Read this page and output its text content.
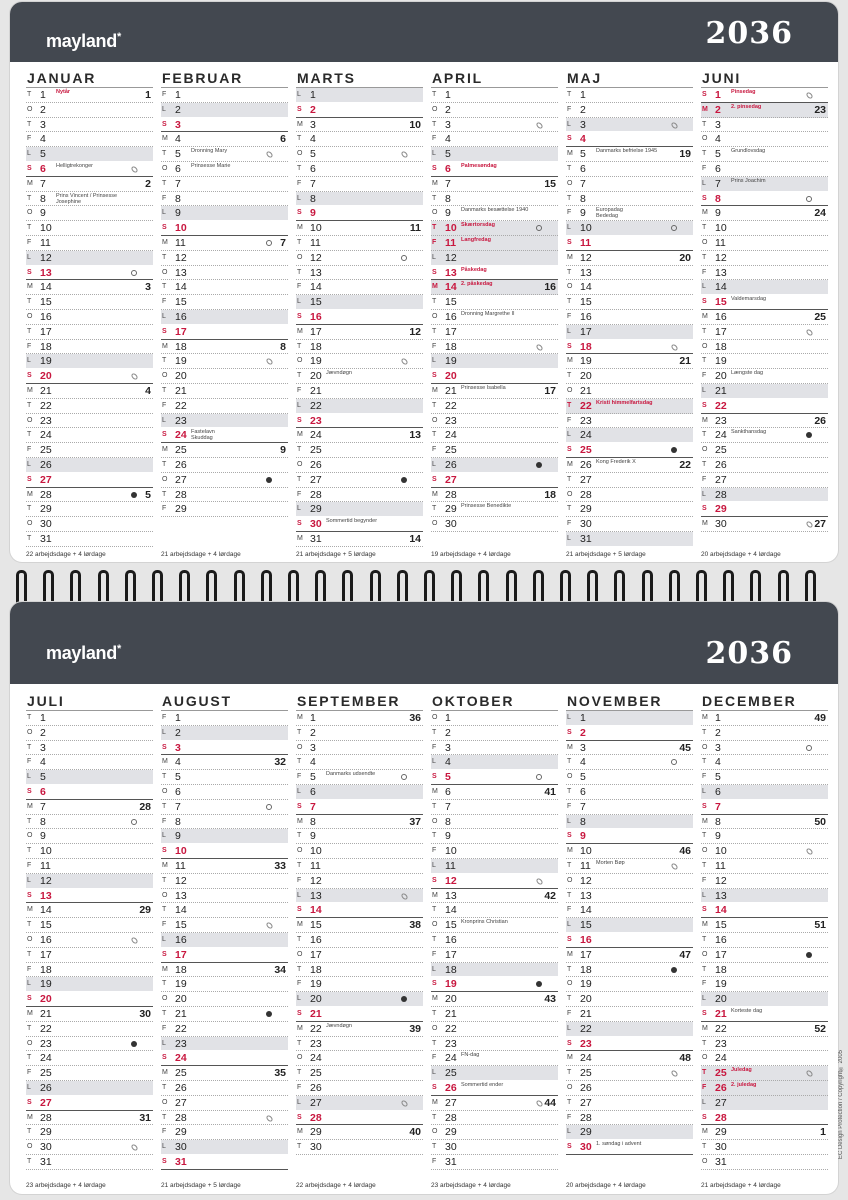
mayland*	2036
JANUAR
T 1 Nytår	1
O 2
T 3
F 4
L 5
S 6 Helligtrekonger
M 7	2
T 8 Prins Vincent / Prinsesse Josephine
O 9
T 10
F 11
L 12
S 13
M 14	3
T 15
O 16
T 17
F 18
L 19
S 20
M 21	4
T 22
O 23
T 24
F 25
L 26
S 27
M 28	5
T 29
O 30
T 31
22 arbejdsdage + 4 lørdage
FEBRUAR
F 1
L 2
S 3
M 4	6
T 5 Dronning Mary
O 6 Prinsesse Marie
T 7
F 8
L 9
S 10
M 11	7
T 12
O 13
T 14
F 15
L 16
S 17
M 18	8
T 19
O 20
T 21
F 22
L 23
S 24 Fastelavn
Skuddag
M 25	9
T 26
O 27
T 28
F 29
21 arbejdsdage + 4 lørdage
MARTS
L 1
S 2
M 3	10
T 4
O 5
T 6
F 7
L 8
S 9
M 10	11
T 11
O 12
T 13
F 14
L 15
S 16
M 17	12
T 18
O 19
T 20 Jævndøgn
F 21
L 22
S 23
M 24	13
T 25
O 26
T 27
F 28
L 29
S 30 Sommertid begynder
M 31	14
21 arbejdsdage + 5 lørdage
APRIL
T 1
O 2
T 3
F 4
L 5
S 6 Palmesøndag
M 7	15
T 8
O 9 Danmarks besættelse 1940
T 10 Skærtorsdag
F 11 Langfredag
L 12
S 13 Påskedag
M 14 2. påskedag	16
T 15
O 16 Dronning Margrethe II
T 17
F 18
L 19
S 20
M 21 Prinsesse Isabella	17
T 22
O 23
T 24
F 25
L 26
S 27
M 28	18
T 29 Prinsesse Benedikte
O 30
19 arbejdsdage + 4 lørdage
MAJ
T 1
F 2
L 3
S 4
M 5 Danmarks befrielse 1945 19
T 6
O 7
T 8
F 9 Europadag
Bededag
L 10
S 11
M 12	20
T 13
O 14
T 15
F 16
L 17
S 18
M 19	21
T 20
O 21
T 22 Kristi himmelfartsdag
F 23
L 24
S 25
M 26 Kong Frederik X	22
T 27
O 28
T 29
F 30
L 31
21 arbejdsdage + 5 lørdage
JUNI
S 1 Pinsedag
M 2 2. pinsedag	23
T 3
O 4
T 5 Grundlovsdag
F 6
L 7 Prins Joachim
S 8
M 9	24
T 10
O 11
T 12
F 13
L 14
S 15 Valdemarsdag
M 16	25
T 17
O 18
T 19
F 20 Længste dag
L 21
S 22
M 23	26
T 24 Sankthansdag
O 25
T 26
F 27
L 28
S 29
M 30	27
20 arbejdsdage + 4 lørdage
mayland*	2036
JULI
T 1
O 2
T 3
F 4
L 5
S 6
M 7	28
T 8
O 9
T 10
F 11
L 12
S 13
M 14	29
T 15
O 16
T 17
F 18
L 19
S 20
M 21	30
T 22
O 23
T 24
F 25
L 26
S 27
M 28	31
T 29
O 30
T 31
23 arbejdsdage + 4 lørdage
AUGUST
F 1
L 2
S 3
M 4	32
T 5
O 6
T 7
F 8
L 9
S 10
M 11	33
T 12
O 13
T 14
F 15
L 16
S 17
M 18	34
T 19
O 20
T 21
F 22
L 23
S 24
M 25	35
T 26
O 27
T 28
F 29
L 30
S 31
21 arbejdsdage + 5 lørdage
SEPTEMBER
M 1	36
T 2
O 3
T 4
F 5 Danmarks udsendte
L 6
S 7
M 8	37
T 9
O 10
T 11
F 12
L 13
S 14
M 15	38
T 16
O 17
T 18
F 19
L 20
S 21
M 22 Jævndøgn	39
T 23
O 24
T 25
F 26
L 27
S 28
M 29	40
T 30
22 arbejdsdage + 4 lørdage
OKTOBER
O 1
T 2
F 3
L 4
S 5
M 6	41
T 7
O 8
T 9
F 10
L 11
S 12
M 13	42
T 14
O 15 Kronprins Christian
T 16
F 17
L 18
S 19
M 20	43
T 21
O 22
T 23
F 24 FN-dag
L 25
S 26 Sommertid ender
M 27	44
T 28
O 29
T 30
F 31
23 arbejdsdage + 4 lørdage
NOVEMBER
L 1
S 2
M 3	45
T 4
O 5
T 6
F 7
L 8
S 9
M 10	46
T 11 Morten Bøp
O 12
T 13
F 14
L 15
S 16
M 17	47
T 18
O 19
T 20
F 21
L 22
S 23
M 24	48
T 25
O 26
T 27
F 28
L 29
S 30 1. søndag i advent
20 arbejdsdage + 4 lørdage
DECEMBER
M 1	49
T 2
O 3
T 4
F 5
L 6
S 7
M 8	50
T 9
O 10
T 11
F 12
L 13
S 14
M 15	51
T 16
O 17
T 18
F 19
L 20
S 21 Korteste dag
M 22	52
T 23
O 24
T 25 Juledag
F 26 2. juledag
L 27
S 28
M 29	1
T 30
O 31
21 arbejdsdage + 4 lørdage
EC Design Protection / Copyright® 2005
